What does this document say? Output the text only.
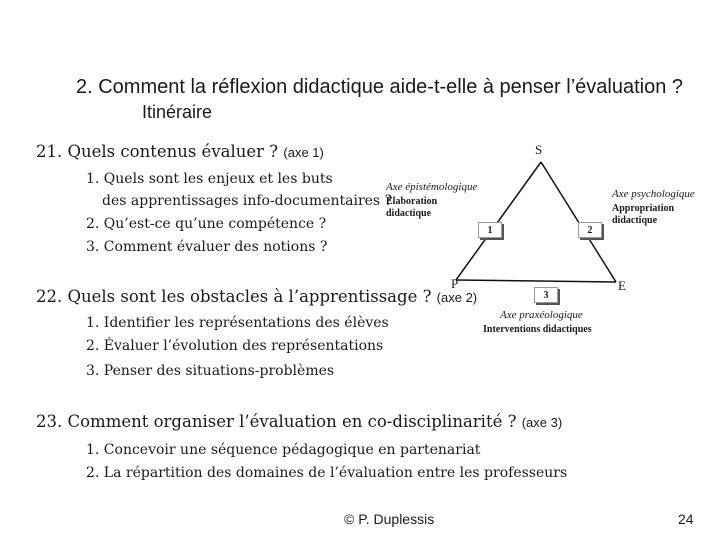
2. Comment la réflexion didactique aide-t-elle à penser l’évaluation ?
Itinéraire
21. Quels contenus évaluer ? (axe 1)
1. Quels sont les enjeux et les buts
des apprentissages info-documentaires ?
2. Qu’est-ce qu’une compétence ?
3. Comment évaluer des notions ?
22. Quels sont les obstacles à l’apprentissage ? (axe 2)
1. Identifier les représentations des élèves
2. Évaluer l’évolution des représentations
3. Penser des situations-problèmes
23. Comment organiser l’évaluation en co-disciplinarité ? (axe 3)
1. Concevoir une séquence pédagogique en partenariat
2. La répartition des domaines de l’évaluation entre les professeurs
S
P	E
Axe épistémologique
Élaboration
didactique
Axe psychologique
Appropriation
didactique
Axe praxéologique
Interventions didactiques
1	2
3
© P. Duplessis	24
